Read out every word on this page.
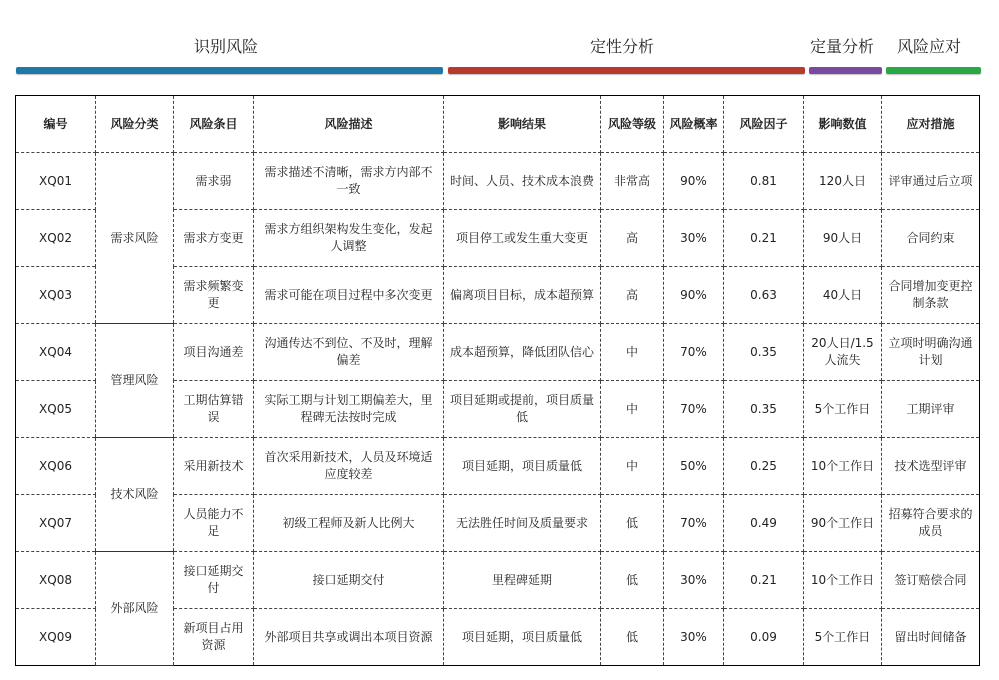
识别风险	定性分析	定量分析 风险应对
编号	风险分类	风险条目	风险描述	影响结果	风险等级	风险概率	风险因子	影响数值	应对措施
XQ01	需求风险	需求弱	需求描述不清晰，需求方内部不一致	时间、人员、技术成本浪费	非常高	90%	0.81	120人日	评审通过后立项
XQ02		需求方变更	需求方组织架构发生变化，发起人调整	项目停工或发生重大变更	高	30%	0.21	90人日	合同约束
XQ03		需求频繁变更	需求可能在项目过程中多次变更	偏离项目目标，成本超预算	高	90%	0.63	40人日	合同增加变更控制条款
XQ04	管理风险	项目沟通差	沟通传达不到位、不及时，理解偏差	成本超预算，降低团队信心	中	70%	0.35	20人日/1.5人流失	立项时明确沟通计划
XQ05		工期估算错误	实际工期与计划工期偏差大，里程碑无法按时完成	项目延期或提前，项目质量低	中	70%	0.35	5个工作日	工期评审
XQ06	技术风险	采用新技术	首次采用新技术，人员及环境适应度较差	项目延期，项目质量低	中	50%	0.25	10个工作日	技术选型评审
XQ07		人员能力不足	初级工程师及新人比例大	无法胜任时间及质量要求	低	70%	0.49	90个工作日	招募符合要求的成员
XQ08	外部风险	接口延期交付	接口延期交付	里程碑延期	低	30%	0.21	10个工作日	签订赔偿合同
XQ09		新项目占用资源	外部项目共享或调出本项目资源	项目延期，项目质量低	低	30%	0.09	5个工作日	留出时间储备
